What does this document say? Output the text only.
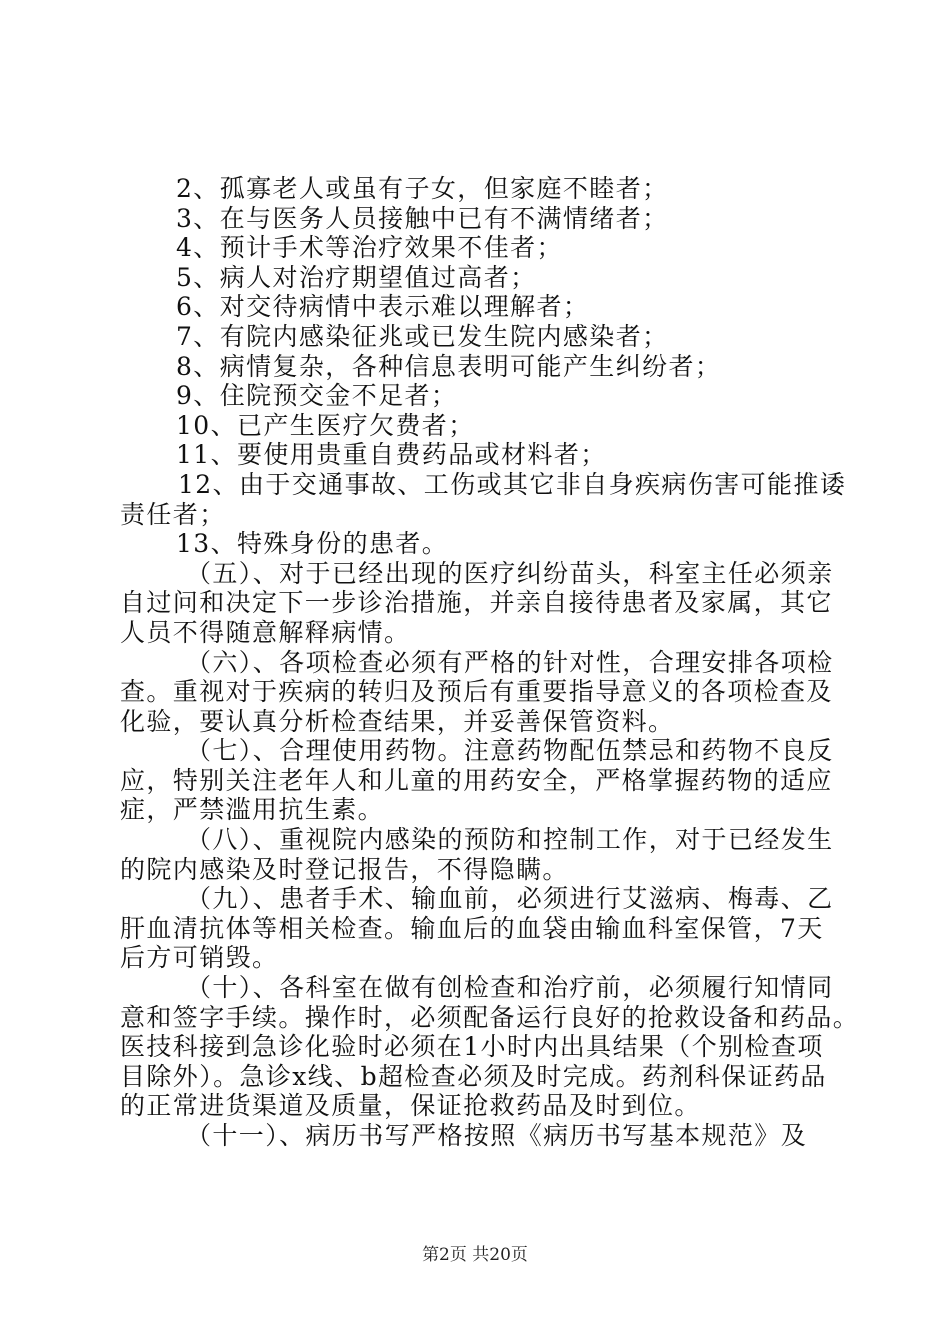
2、孤寡老人或虽有子女，但家庭不睦者；
3、在与医务人员接触中已有不满情绪者；
4、预计手术等治疗效果不佳者；
5、病人对治疗期望值过高者；
6、对交待病情中表示难以理解者；
7、有院内感染征兆或已发生院内感染者；
8、病情复杂，各种信息表明可能产生纠纷者；
9、住院预交金不足者；
10、已产生医疗欠费者；
11、要使用贵重自费药品或材料者；
12、由于交通事故、工伤或其它非自身疾病伤害可能推诿
责任者；
13、特殊身份的患者。
（五）、对于已经出现的医疗纠纷苗头，科室主任必须亲
自过问和决定下一步诊治措施，并亲自接待患者及家属，其它
人员不得随意解释病情。
（六）、各项检查必须有严格的针对性，合理安排各项检
查。重视对于疾病的转归及预后有重要指导意义的各项检查及
化验，要认真分析检查结果，并妥善保管资料。
（七）、合理使用药物。注意药物配伍禁忌和药物不良反
应，特别关注老年人和儿童的用药安全，严格掌握药物的适应
症，严禁滥用抗生素。
（八）、重视院内感染的预防和控制工作，对于已经发生
的院内感染及时登记报告，不得隐瞒。
（九）、患者手术、输血前，必须进行艾滋病、梅毒、乙
肝血清抗体等相关检查。输血后的血袋由输血科室保管，7天
后方可销毁。
（十）、各科室在做有创检查和治疗前，必须履行知情同
意和签字手续。操作时，必须配备运行良好的抢救设备和药品。
医技科接到急诊化验时必须在1小时内出具结果（个别检查项
目除外）。急诊x线、b超检查必须及时完成。药剂科保证药品
的正常进货渠道及质量，保证抢救药品及时到位。
（十一）、病历书写严格按照《病历书写基本规范》及
第2页 共20页
